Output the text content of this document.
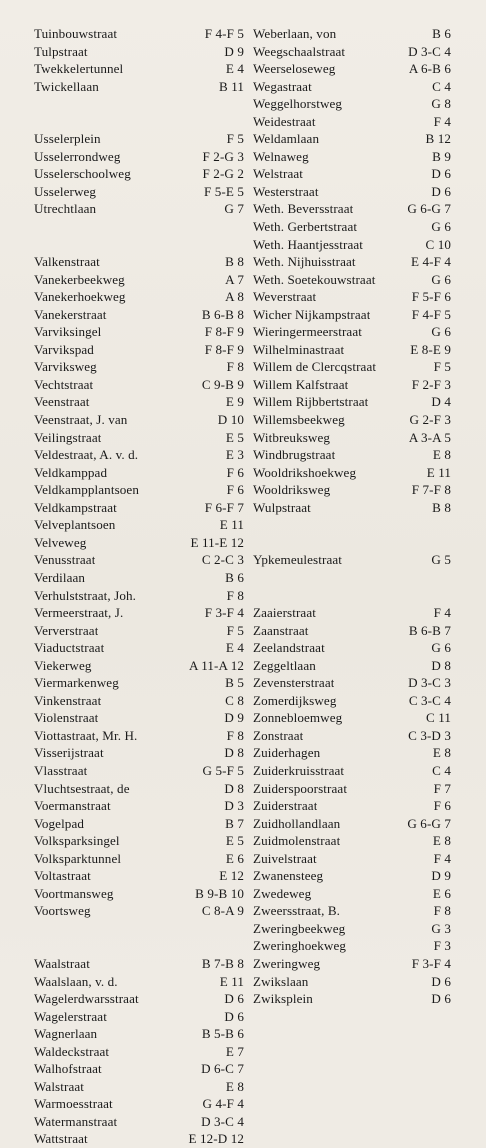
Tuinbouwstraat	F 4-F 5
Tulpstraat	D 9
Twekkelertunnel	E 4
Twickellaan	B 11
Usselerplein	F 5
Usselerrondweg	F 2-G 3
Usselerschoolweg	F 2-G 2
Usselerweg	F 5-E 5
Utrechtlaan	G 7
Valkenstraat	B 8
Vanekerbeekweg	A 7
Vanekerhoekweg	A 8
Vanekerstraat	B 6-B 8
Varviksingel	F 8-F 9
Varvikspad	F 8-F 9
Varviksweg	F 8
Vechtstraat	C 9-B 9
Veenstraat	E 9
Veenstraat, J. van	D 10
Veilingstraat	E 5
Veldestraat, A. v. d.	E 3
Veldkamppad	F 6
Veldkampplantsoen	F 6
Veldkampstraat	F 6-F 7
Velveplantsoen	E 11
Velveweg	E 11-E 12
Venusstraat	C 2-C 3
Verdilaan	B 6
Verhulststraat, Joh.	F 8
Vermeerstraat, J.	F 3-F 4
Ververstraat	F 5
Viaductstraat	E 4
Viekerweg	A 11-A 12
Viermarkenweg	B 5
Vinkenstraat	C 8
Violenstraat	D 9
Viottastraat, Mr. H.	F 8
Visserijstraat	D 8
Vlasstraat	G 5-F 5
Vluchtsestraat, de	D 8
Voermanstraat	D 3
Vogelpad	B 7
Volksparksingel	E 5
Volksparktunnel	E 6
Voltastraat	E 12
Voortmansweg	B 9-B 10
Voortsweg	C 8-A 9
Waalstraat	B 7-B 8
Waalslaan, v. d.	E 11
Wagelerdwarsstraat	D 6
Wagelerstraat	D 6
Wagnerlaan	B 5-B 6
Waldeckstraat	E 7
Walhofstraat	D 6-C 7
Walstraat	E 8
Warmoesstraat	G 4-F 4
Watermanstraat	D 3-C 4
Wattstraat	E 12-D 12
Weberlaan, von	B 6
Weegschaalstraat	D 3-C 4
Weerseloseweg	A 6-B 6
Wegastraat	C 4
Weggelhorstweg	G 8
Weidestraat	F 4
Weldamlaan	B 12
Welnaweg	B 9
Welstraat	D 6
Westerstraat	D 6
Weth. Beversstraat	G 6-G 7
Weth. Gerbertstraat	G 6
Weth. Haantjesstraat	C 10
Weth. Nijhuisstraat	E 4-F 4
Weth. Soetekouwstraat	G 6
Weverstraat	F 5-F 6
Wicher Nijkampstraat	F 4-F 5
Wieringermeerstraat	G 6
Wilhelminastraat	E 8-E 9
Willem de Clercqstraat	F 5
Willem Kalfstraat	F 2-F 3
Willem Rijbbertstraat	D 4
Willemsbeekweg	G 2-F 3
Witbreuksweg	A 3-A 5
Windbrugstraat	E 8
Wooldrikshoekweg	E 11
Wooldriksweg	F 7-F 8
Wulpstraat	B 8
Ypkemeulestraat	G 5
Zaaierstraat	F 4
Zaanstraat	B 6-B 7
Zeelandstraat	G 6
Zeggeltlaan	D 8
Zevensterstraat	D 3-C 3
Zomerdijksweg	C 3-C 4
Zonnebloemweg	C 11
Zonstraat	C 3-D 3
Zuiderhagen	E 8
Zuiderkruisstraat	C 4
Zuiderspoorstraat	F 7
Zuiderstraat	F 6
Zuidhollandlaan	G 6-G 7
Zuidmolenstraat	E 8
Zuivelstraat	F 4
Zwanensteeg	D 9
Zwedeweg	E 6
Zweersstraat, B.	F 8
Zweringbeekweg	G 3
Zweringhoekweg	F 3
Zweringweg	F 3-F 4
Zwikslaan	D 6
Zwiksplein	D 6
